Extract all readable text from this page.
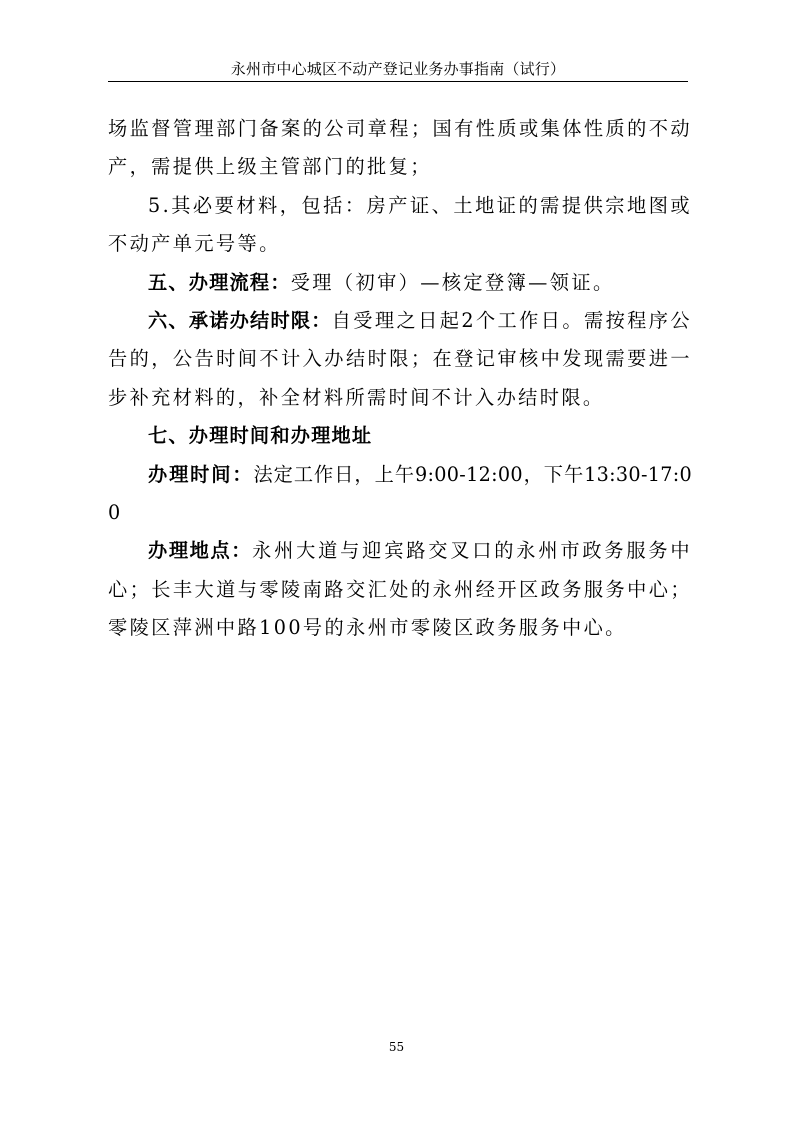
永州市中心城区不动产登记业务办事指南（试行）

场监督管理部门备案的公司章程；国有性质或集体性质的不动产，需提供上级主管部门的批复；

5.其必要材料，包括：房产证、土地证的需提供宗地图或不动产单元号等。

五、办理流程：受理（初审）—核定登簿—领证。

六、承诺办结时限：自受理之日起2个工作日。需按程序公告的，公告时间不计入办结时限；在登记审核中发现需要进一步补充材料的，补全材料所需时间不计入办结时限。

七、办理时间和办理地址

办理时间：法定工作日，上午9:00-12:00，下午13:30-17:00

办理地点：永州大道与迎宾路交叉口的永州市政务服务中心；长丰大道与零陵南路交汇处的永州经开区政务服务中心；零陵区萍洲中路100号的永州市零陵区政务服务中心。

55
